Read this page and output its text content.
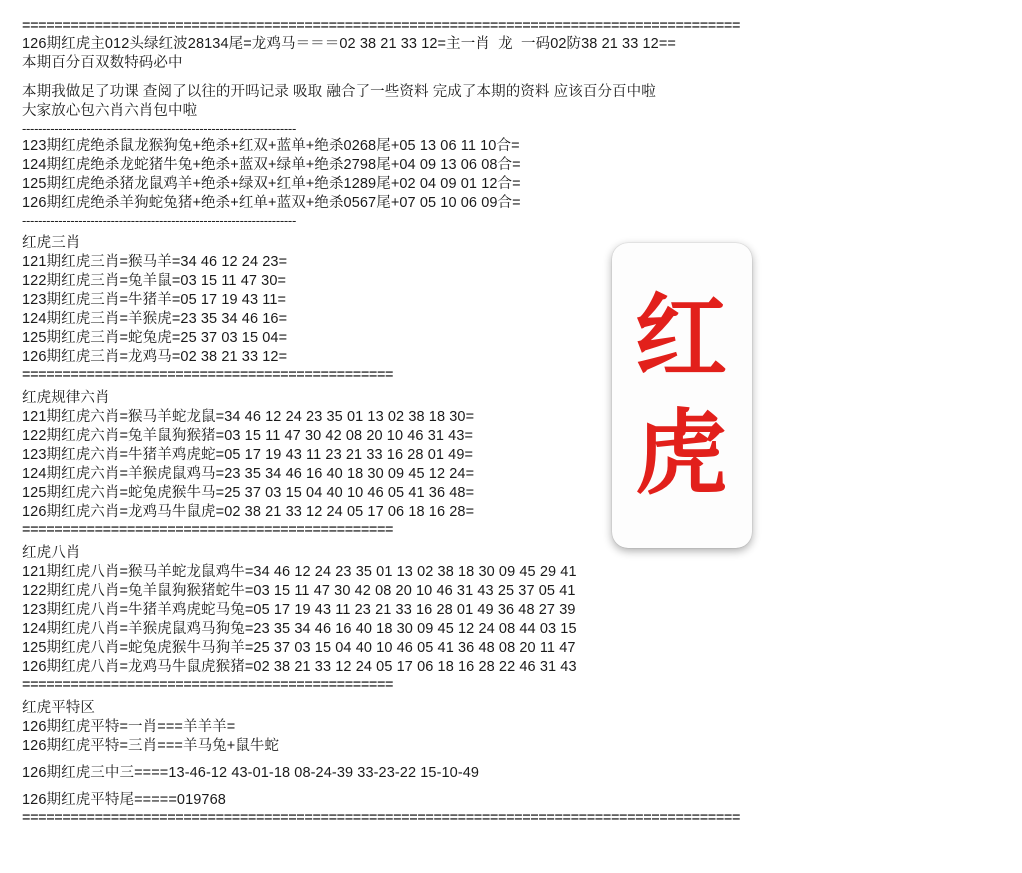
红
虎
=========================================================================================
126期红虎主012头绿红波28134尾=龙鸡马＝＝＝02 38 21 33 12=主一肖  龙  一码02防38 21 33 12==
本期百分百双数特码必中
本期我做足了功课 查阅了以往的开吗记录 吸取 融合了一些资料 完成了本期的资料 应该百分百中啦
大家放心包六肖六肖包中啦
--------------------------------------------------------------------
123期红虎绝杀鼠龙猴狗兔+绝杀+红双+蓝单+绝杀0268尾+05 13 06 11 10合=
124期红虎绝杀龙蛇猪牛兔+绝杀+蓝双+绿单+绝杀2798尾+04 09 13 06 08合=
125期红虎绝杀猪龙鼠鸡羊+绝杀+绿双+红单+绝杀1289尾+02 04 09 01 12合=
126期红虎绝杀羊狗蛇兔猪+绝杀+红单+蓝双+绝杀0567尾+07 05 10 06 09合=
--------------------------------------------------------------------
红虎三肖
121期红虎三肖=猴马羊=34 46 12 24 23=
122期红虎三肖=兔羊鼠=03 15 11 47 30=
123期红虎三肖=牛猪羊=05 17 19 43 11=
124期红虎三肖=羊猴虎=23 35 34 46 16=
125期红虎三肖=蛇兔虎=25 37 03 15 04=
126期红虎三肖=龙鸡马=02 38 21 33 12=
==============================================
红虎规律六肖
121期红虎六肖=猴马羊蛇龙鼠=34 46 12 24 23 35 01 13 02 38 18 30=
122期红虎六肖=兔羊鼠狗猴猪=03 15 11 47 30 42 08 20 10 46 31 43=
123期红虎六肖=牛猪羊鸡虎蛇=05 17 19 43 11 23 21 33 16 28 01 49=
124期红虎六肖=羊猴虎鼠鸡马=23 35 34 46 16 40 18 30 09 45 12 24=
125期红虎六肖=蛇兔虎猴牛马=25 37 03 15 04 40 10 46 05 41 36 48=
126期红虎六肖=龙鸡马牛鼠虎=02 38 21 33 12 24 05 17 06 18 16 28=
==============================================
红虎八肖
121期红虎八肖=猴马羊蛇龙鼠鸡牛=34 46 12 24 23 35 01 13 02 38 18 30 09 45 29 41
122期红虎八肖=兔羊鼠狗猴猪蛇牛=03 15 11 47 30 42 08 20 10 46 31 43 25 37 05 41
123期红虎八肖=牛猪羊鸡虎蛇马兔=05 17 19 43 11 23 21 33 16 28 01 49 36 48 27 39
124期红虎八肖=羊猴虎鼠鸡马狗兔=23 35 34 46 16 40 18 30 09 45 12 24 08 44 03 15
125期红虎八肖=蛇兔虎猴牛马狗羊=25 37 03 15 04 40 10 46 05 41 36 48 08 20 11 47
126期红虎八肖=龙鸡马牛鼠虎猴猪=02 38 21 33 12 24 05 17 06 18 16 28 22 46 31 43
==============================================
红虎平特区
126期红虎平特=一肖===羊羊羊=
126期红虎平特=三肖===羊马兔+鼠牛蛇
126期红虎三中三====13-46-12 43-01-18 08-24-39 33-23-22 15-10-49
126期红虎平特尾=====019768
=========================================================================================
